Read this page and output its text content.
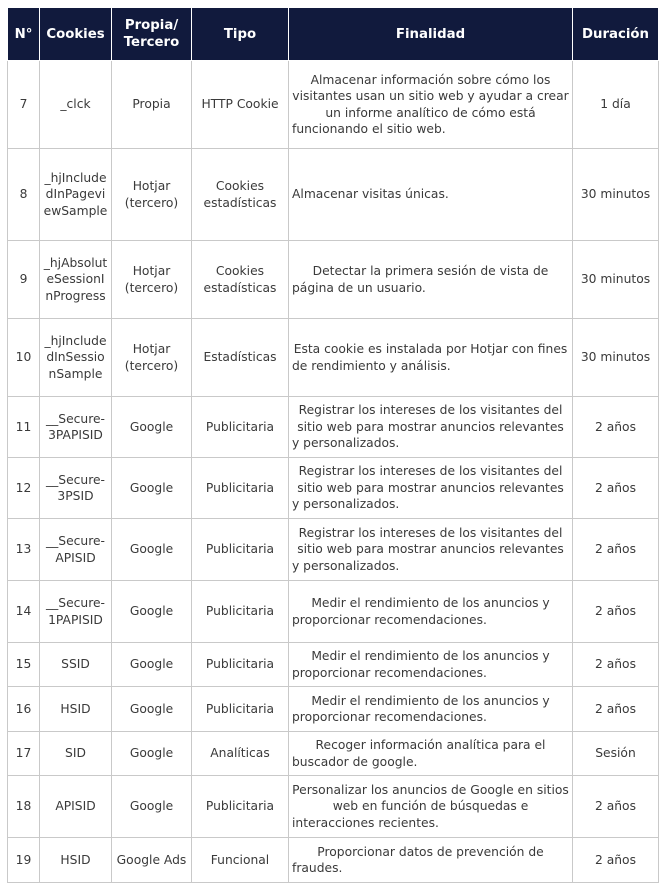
N°	Cookies	Propia/ Tercero	Tipo	Finalidad	Duración
7	_clck	Propia	HTTP Cookie	Almacenar información sobre cómo los visitantes usan un sitio web y ayudar a crear un informe analítico de cómo está funcionando el sitio web.	1 día
8	_hjIncludedInPageviewSample	Hotjar (tercero)	Cookies estadísticas	Almacenar visitas únicas.	30 minutos
9	_hjAbsoluteSessionInProgress	Hotjar (tercero)	Cookies estadísticas	Detectar la primera sesión de vista de página de un usuario.	30 minutos
10	_hjIncludedInSessionSample	Hotjar (tercero)	Estadísticas	Esta cookie es instalada por Hotjar con fines de rendimiento y análisis.	30 minutos
11	__Secure-3PAPISID	Google	Publicitaria	Registrar los intereses de los visitantes del sitio web para mostrar anuncios relevantes y personalizados.	2 años
12	__Secure-3PSID	Google	Publicitaria	Registrar los intereses de los visitantes del sitio web para mostrar anuncios relevantes y personalizados.	2 años
13	__Secure-APISID	Google	Publicitaria	Registrar los intereses de los visitantes del sitio web para mostrar anuncios relevantes y personalizados.	2 años
14	__Secure-1PAPISID	Google	Publicitaria	Medir el rendimiento de los anuncios y proporcionar recomendaciones.	2 años
15	SSID	Google	Publicitaria	Medir el rendimiento de los anuncios y proporcionar recomendaciones.	2 años
16	HSID	Google	Publicitaria	Medir el rendimiento de los anuncios y proporcionar recomendaciones.	2 años
17	SID	Google	Analíticas	Recoger información analítica para el buscador de google.	Sesión
18	APISID	Google	Publicitaria	Personalizar los anuncios de Google en sitios web en función de búsquedas e interacciones recientes.	2 años
19	HSID	Google Ads	Funcional	Proporcionar datos de prevención de fraudes.	2 años
